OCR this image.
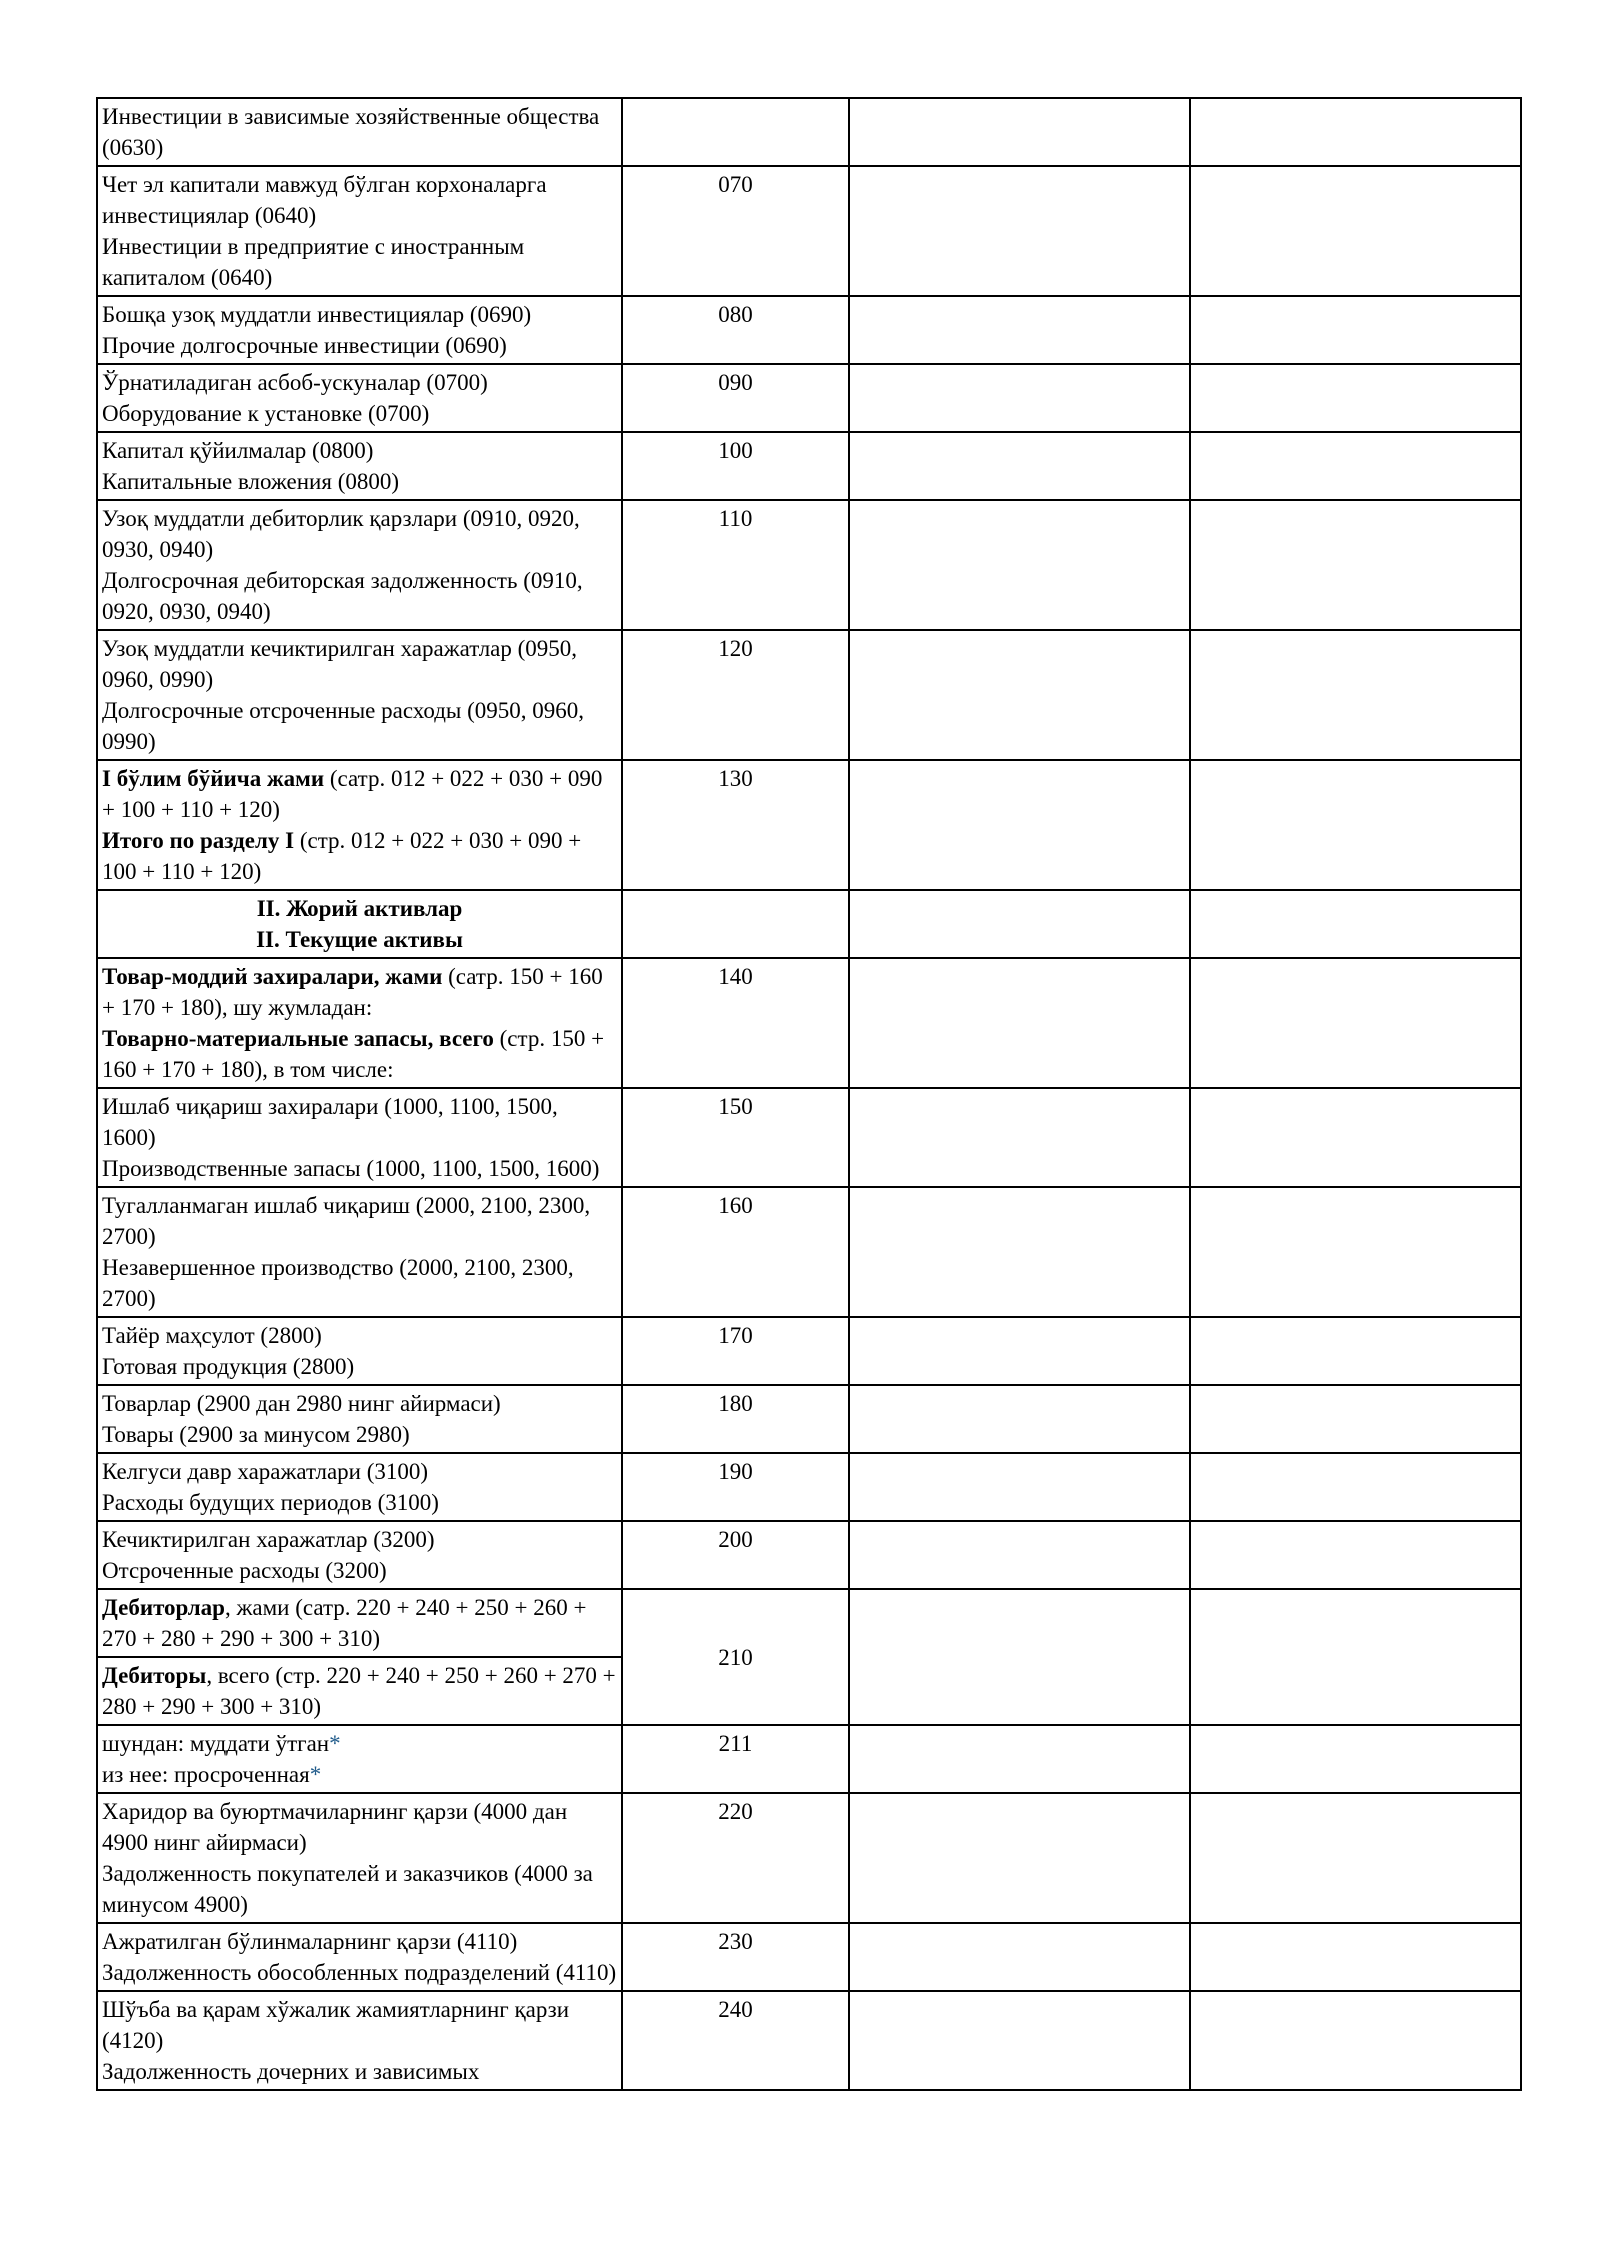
Инвестиции в зависимые хозяйственные общества (0630)			

Чет эл капитали мавжуд бўлган корхоналарга инвестициялар (0640)
Инвестиции в предприятие с иностранным капиталом (0640)	070		

Бошқа узоқ муддатли инвестициялар (0690)
Прочие долгосрочные инвестиции (0690)	080		

Ўрнатиладиган асбоб-ускуналар (0700)
Оборудование к установке (0700)	090		

Капитал қўйилмалар (0800)
Капитальные вложения (0800)	100		

Узоқ муддатли дебиторлик қарзлари (0910, 0920, 0930, 0940)
Долгосрочная дебиторская задолженность (0910, 0920, 0930, 0940)	110		

Узоқ муддатли кечиктирилган харажатлар (0950, 0960, 0990)
Долгосрочные отсроченные расходы (0950, 0960, 0990)	120		

I бўлим бўйича жами (сатр. 012 + 022 + 030 + 090 + 100 + 110 + 120)
Итого по разделу I (стр. 012 + 022 + 030 + 090 + 100 + 110 + 120)	130		

II. Жорий активлар
II. Текущие активы			

Товар-моддий захиралари, жами (сатр. 150 + 160 + 170 + 180), шу жумладан:
Товарно-материальные запасы, всего (стр. 150 + 160 + 170 + 180), в том числе:	140		

Ишлаб чиқариш захиралари (1000, 1100, 1500, 1600)
Производственные запасы (1000, 1100, 1500, 1600)	150		

Тугалланмаган ишлаб чиқариш (2000, 2100, 2300, 2700)
Незавершенное производство (2000, 2100, 2300, 2700)	160		

Тайёр маҳсулот (2800)
Готовая продукция (2800)	170		

Товарлар (2900 дан 2980 нинг айирмаси)
Товары (2900 за минусом 2980)	180		

Келгуси давр харажатлари (3100)
Расходы будущих периодов (3100)	190		

Кечиктирилган харажатлар (3200)
Отсроченные расходы (3200)	200		

Дебиторлар, жами (сатр. 220 + 240 + 250 + 260 + 270 + 280 + 290 + 300 + 310)	210		

Дебиторы, всего (стр. 220 + 240 + 250 + 260 + 270 + 280 + 290 + 300 + 310)			

шундан: муддати ўтган*
из нее: просроченная*	211		

Харидор ва буюртмачиларнинг қарзи (4000 дан 4900 нинг айирмаси)
Задолженность покупателей и заказчиков (4000 за минусом 4900)	220		

Ажратилган бўлинмаларнинг қарзи (4110)
Задолженность обособленных подразделений (4110)	230		

Шўъба ва қарам хўжалик жамиятларнинг қарзи (4120)
Задолженность дочерних и зависимых	240		
